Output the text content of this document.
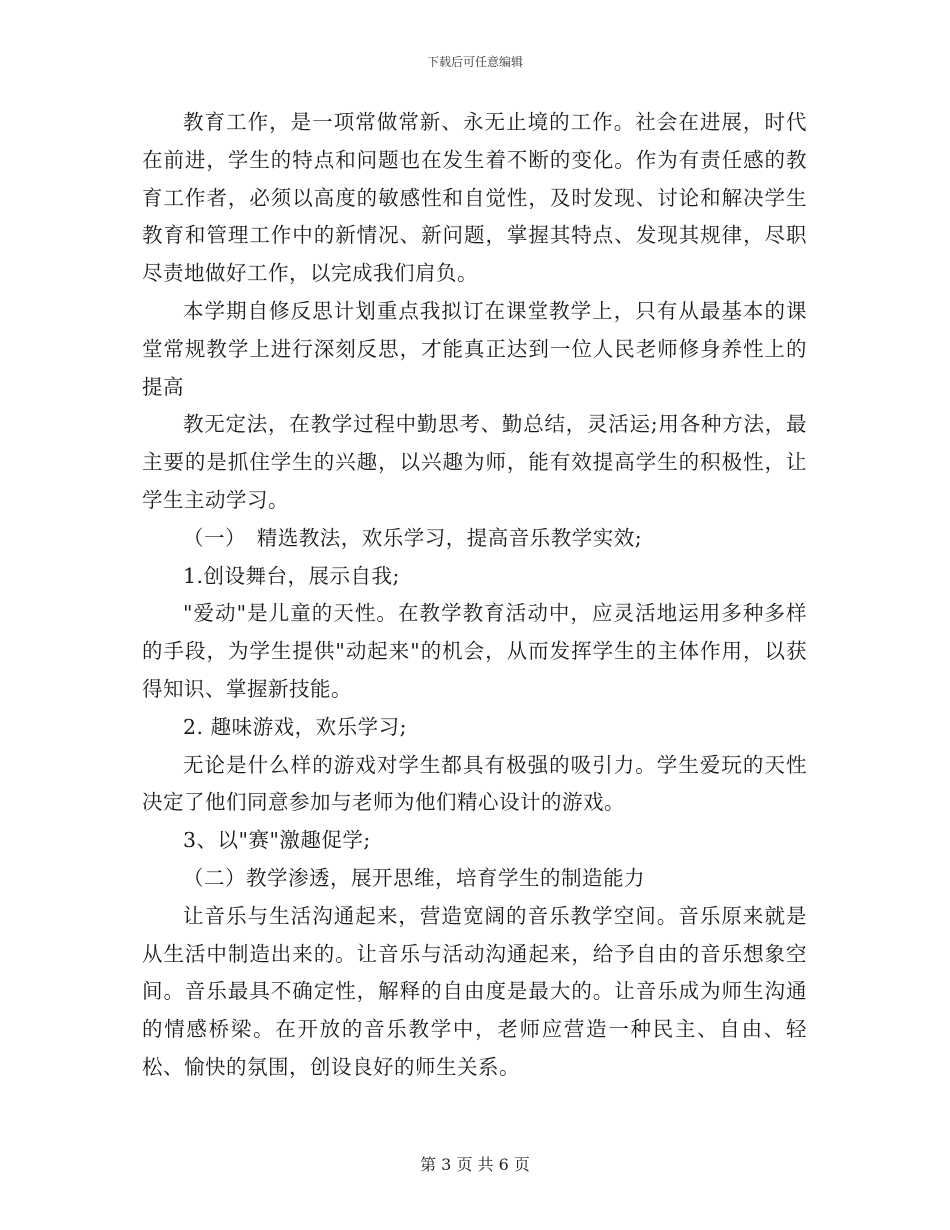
下载后可任意编辑

教育工作，是一项常做常新、永无止境的工作。社会在进展，时代在前进，学生的特点和问题也在发生着不断的变化。作为有责任感的教育工作者，必须以高度的敏感性和自觉性，及时发现、讨论和解决学生教育和管理工作中的新情况、新问题，掌握其特点、发现其规律，尽职尽责地做好工作，以完成我们肩负。

本学期自修反思计划重点我拟订在课堂教学上，只有从最基本的课堂常规教学上进行深刻反思，才能真正达到一位人民老师修身养性上的提高

教无定法，在教学过程中勤思考、勤总结，灵活运;用各种方法，最主要的是抓住学生的兴趣，以兴趣为师，能有效提高学生的积极性，让学生主动学习。

（一）　精选教法，欢乐学习，提高音乐教学实效;

1.创设舞台，展示自我;

"爱动"是儿童的天性。在教学教育活动中，应灵活地运用多种多样的手段，为学生提供"动起来"的机会，从而发挥学生的主体作用，以获得知识、掌握新技能。

2. 趣味游戏，欢乐学习;

无论是什么样的游戏对学生都具有极强的吸引力。学生爱玩的天性决定了他们同意参加与老师为他们精心设计的游戏。

3、以"赛"激趣促学;

（二）教学渗透，展开思维，培育学生的制造能力

让音乐与生活沟通起来，营造宽阔的音乐教学空间。音乐原来就是从生活中制造出来的。让音乐与活动沟通起来，给予自由的音乐想象空间。音乐最具不确定性，解释的自由度是最大的。让音乐成为师生沟通的情感桥梁。在开放的音乐教学中，老师应营造一种民主、自由、轻松、愉快的氛围，创设良好的师生关系。

第 3 页 共 6 页
